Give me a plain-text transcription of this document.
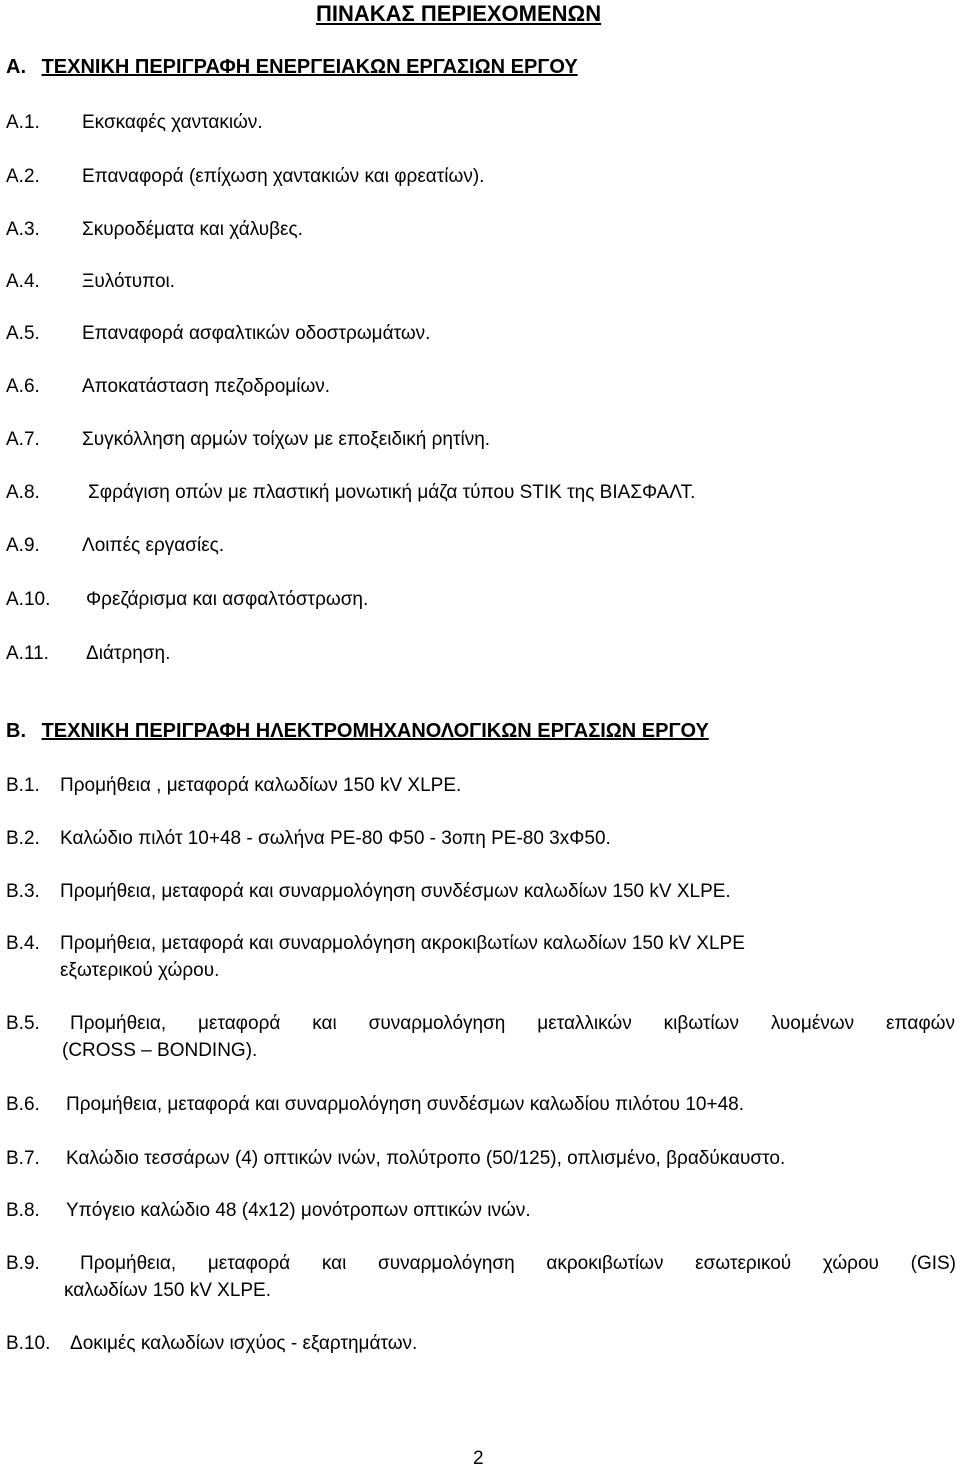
ΠΙΝΑΚΑΣ ΠΕΡΙΕΧΟΜΕΝΩΝ
Α. ΤΕΧΝΙΚΗ ΠΕΡΙΓΡΑΦΗ ΕΝΕΡΓΕΙΑΚΩΝ ΕΡΓΑΣΙΩΝ ΕΡΓΟΥ
Α.1. Εκσκαφές χαντακιών.
Α.2. Επαναφορά (επίχωση χαντακιών και φρεατίων).
Α.3. Σκυροδέματα και χάλυβες.
Α.4. Ξυλότυποι.
Α.5. Επαναφορά ασφαλτικών οδοστρωμάτων.
Α.6. Αποκατάσταση πεζοδρομίων.
Α.7. Συγκόλληση αρμών τοίχων με εποξειδική ρητίνη.
Α.8.	Σφράγιση οπών με πλαστική μονωτική μάζα τύπου STIK της ΒΙΑΣΦΑΛΤ.
Α.9. Λοιπές εργασίες.
Α.10. Φρεζάρισμα και ασφαλτόστρωση.
Α.11. Διάτρηση.
Β. ΤΕΧΝΙΚΗ ΠΕΡΙΓΡΑΦΗ ΗΛΕΚΤΡΟΜΗΧΑΝΟΛΟΓΙΚΩΝ ΕΡΓΑΣΙΩΝ ΕΡΓΟΥ
Β.1. Προμήθεια , μεταφορά καλωδίων 150 kV XLPE.
Β.2. Καλώδιο πιλότ 10+48 - σωλήνα PE-80 Φ50 - 3οπη PE-80 3xΦ50.
Β.3. Προμήθεια, μεταφορά και συναρμολόγηση συνδέσμων καλωδίων 150 kV XLPE.
Β.4. Προμήθεια, μεταφορά και συναρμολόγηση ακροκιβωτίων καλωδίων 150 kV XLPE
εξωτερικού χώρου.
Β.5. Προμήθεια, μεταφορά και συναρμολόγηση μεταλλικών κιβωτίων λυομένων επαφών
(CROSS – BONDING).
Β.6. Προμήθεια, μεταφορά και συναρμολόγηση συνδέσμων καλωδίου πιλότου 10+48.
Β.7. Καλώδιο τεσσάρων (4) οπτικών ινών, πολύτροπο (50/125), οπλισμένο, βραδύκαυστο.
Β.8. Υπόγειο καλώδιο 48 (4x12) μονότροπων οπτικών ινών.
Β.9. Προμήθεια, μεταφορά και συναρμολόγηση ακροκιβωτίων εσωτερικού χώρου (GIS)
καλωδίων 150 kV XLPE.
Β.10. Δοκιμές καλωδίων ισχύος - εξαρτημάτων.
2
